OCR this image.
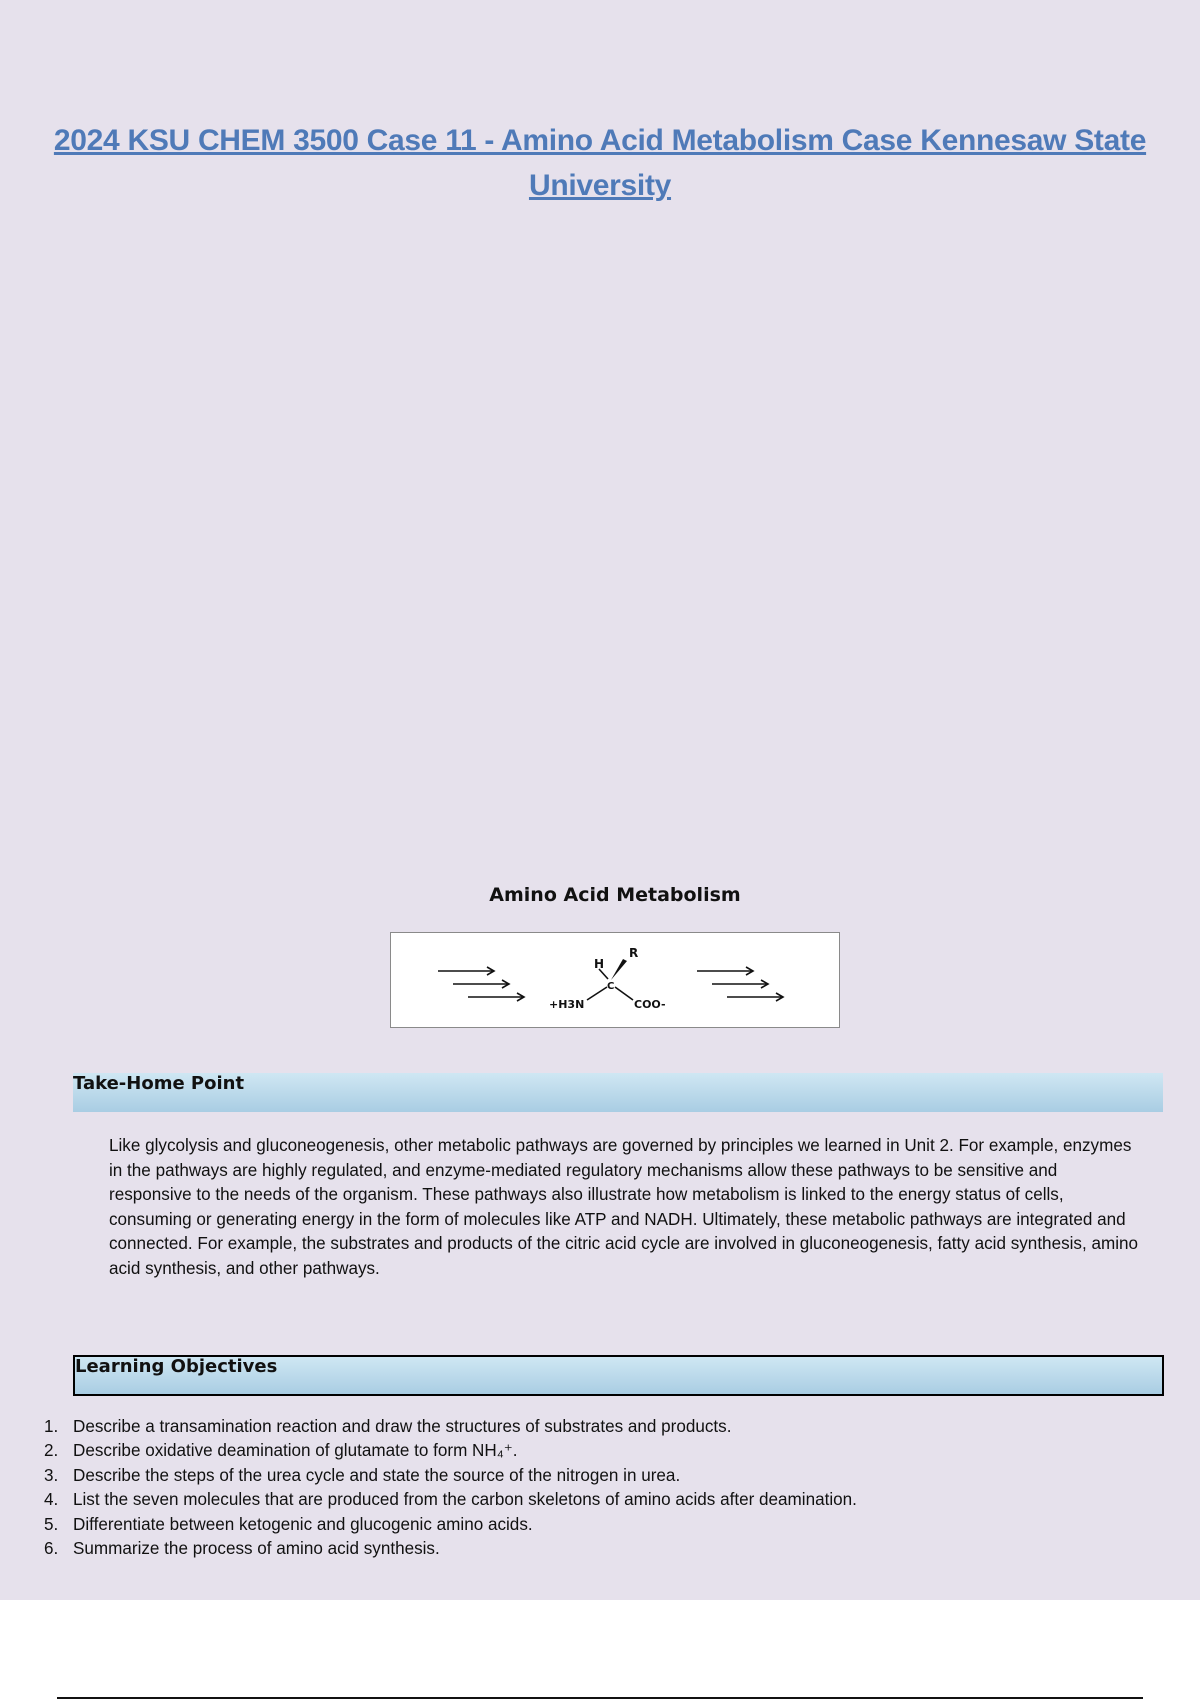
2024 KSU CHEM 3500 Case 11 - Amino Acid Metabolism Case Kennesaw State University
Amino Acid Metabolism
H
R
C
+H3N	COO-
Take-Home Point
Like glycolysis and gluconeogenesis, other metabolic pathways are governed by principles we learned in Unit 2. For example, enzymes in the pathways are highly regulated, and enzyme-mediated regulatory mechanisms allow these pathways to be sensitive and responsive to the needs of the organism. These pathways also illustrate how metabolism is linked to the energy status of cells, consuming or generating energy in the form of molecules like ATP and NADH. Ultimately, these metabolic pathways are integrated and connected. For example, the substrates and products of the citric acid cycle are involved in gluconeogenesis, fatty acid synthesis, amino acid synthesis, and other pathways.
Learning Objectives
1. Describe a transamination reaction and draw the structures of substrates and products.
2. Describe oxidative deamination of glutamate to form NH₄⁺.
3. Describe the steps of the urea cycle and state the source of the nitrogen in urea.
4. List the seven molecules that are produced from the carbon skeletons of amino acids after deamination.
5. Differentiate between ketogenic and glucogenic amino acids.
6. Summarize the process of amino acid synthesis.
